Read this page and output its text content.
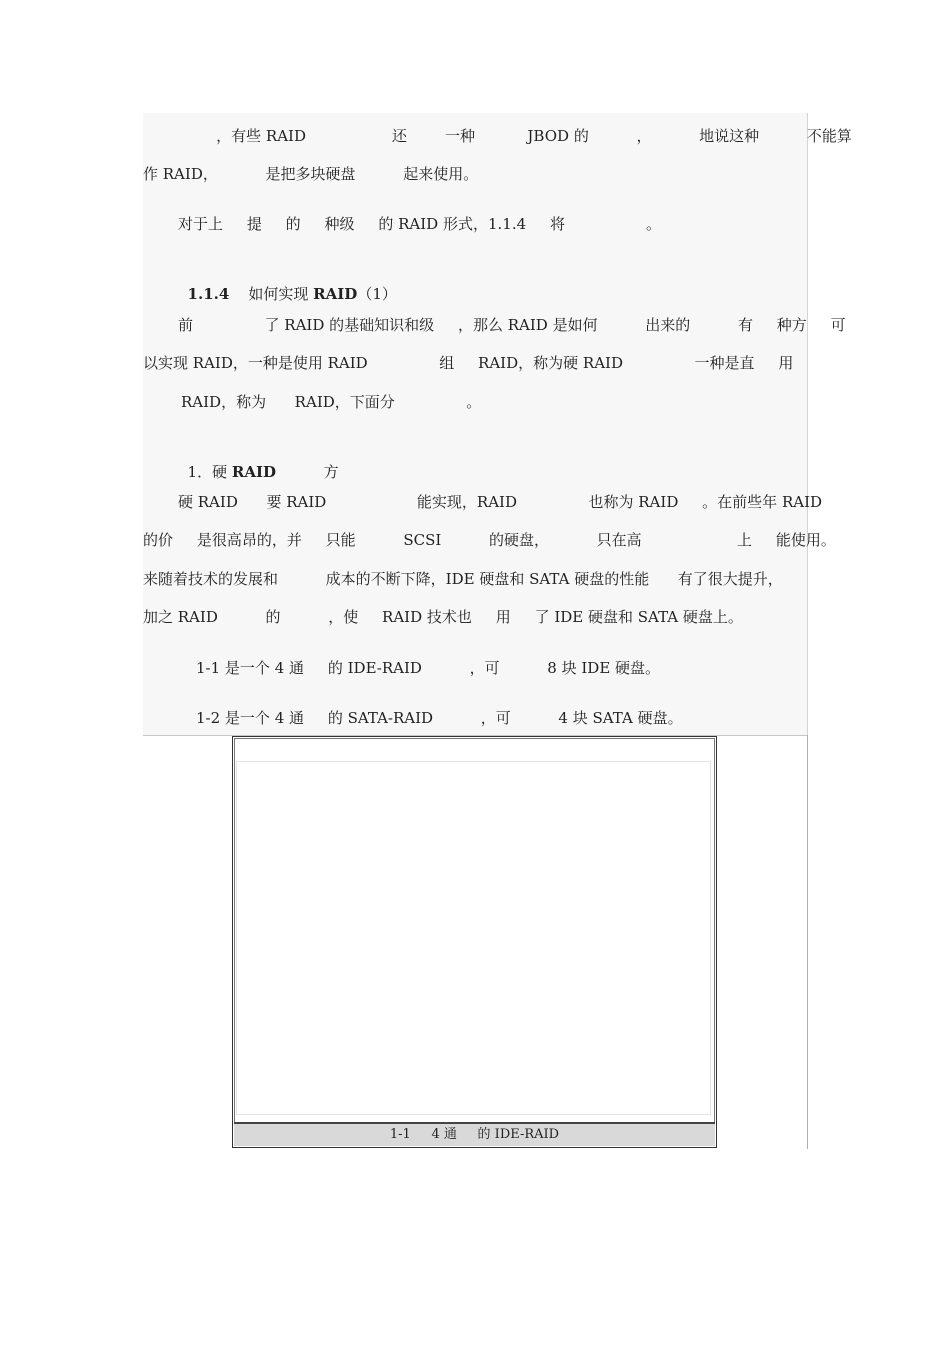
，有些 RAID                  还        一种           JBOD 的          ，          地说这种          不能算
作 RAID，          是把多块硬盘          起来使用。
对于上     提     的     种级     的 RAID 形式，1.1.4     将                 。

1.1.4 如何实现 RAID（1）

前               了 RAID 的基础知识和级     ，那么 RAID 是如何          出来的          有     种方     可
以实现 RAID，一种是使用 RAID               组     RAID，称为硬 RAID               一种是直     用
RAID，称为      RAID，下面分               。

1．硬 RAID          方

硬 RAID      要 RAID                   能实现，RAID               也称为 RAID     。在前些年 RAID
的价     是很高昂的，并     只能          SCSI          的硬盘，          只在高                    上     能使用。
来随着技术的发展和          成本的不断下降，IDE 硬盘和 SATA 硬盘的性能      有了很大提升，
加之 RAID          的          ，使     RAID 技术也     用     了 IDE 硬盘和 SATA 硬盘上。
1-1 是一个 4 通     的 IDE-RAID          ，可          8 块 IDE 硬盘。
1-2 是一个 4 通     的 SATA-RAID          ，可          4 块 SATA 硬盘。
1-1     4 通     的 IDE-RAID
